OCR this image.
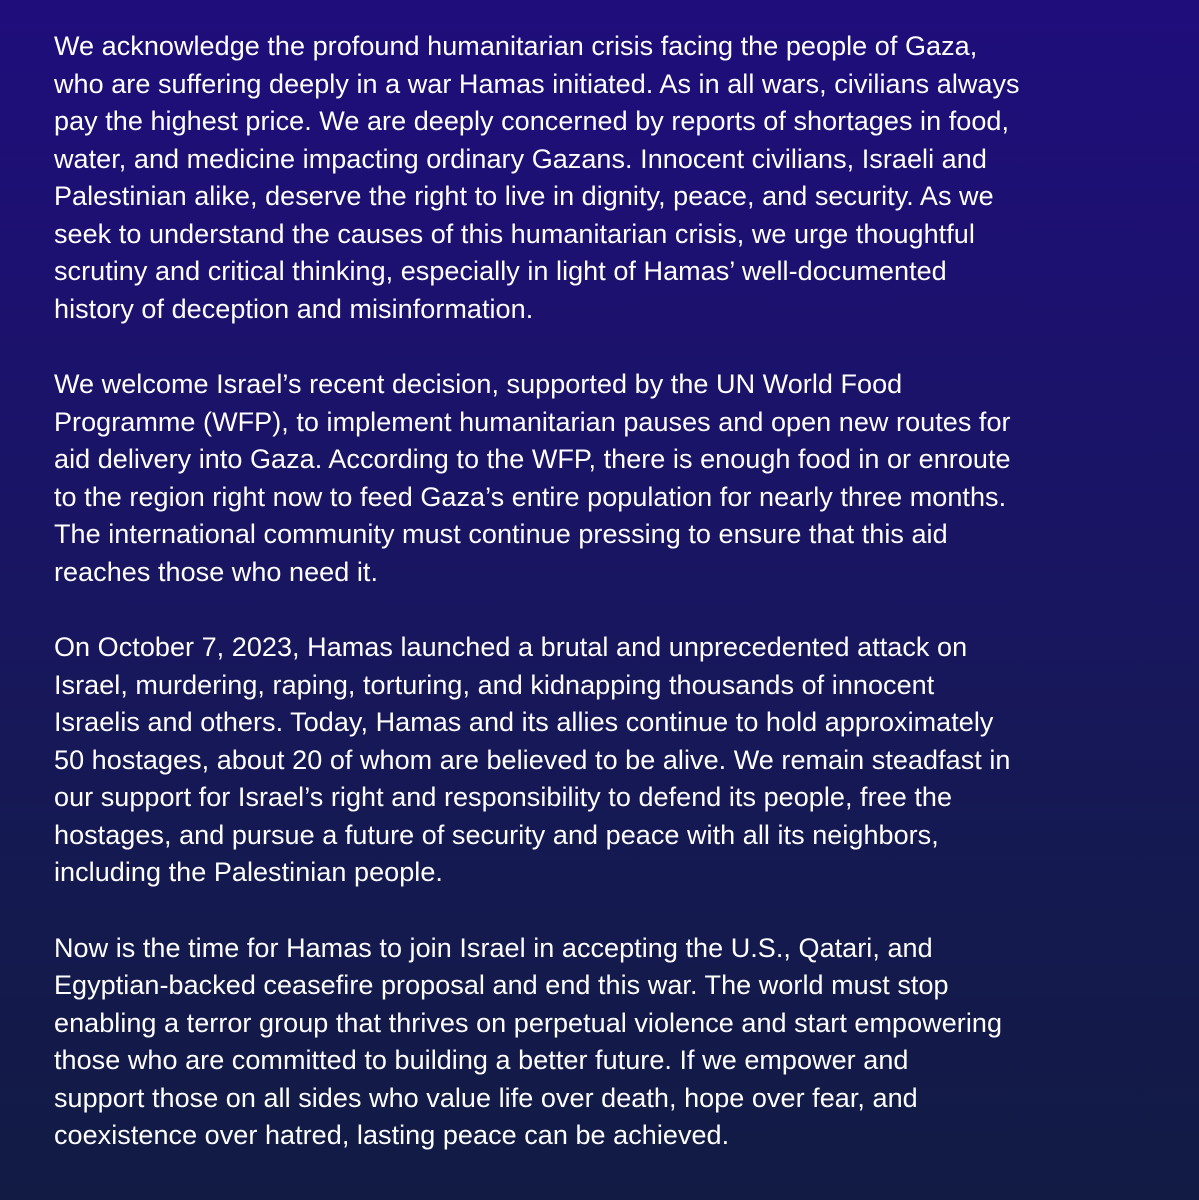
We acknowledge the profound humanitarian crisis facing the people of Gaza,
who are suffering deeply in a war Hamas initiated. As in all wars, civilians always
pay the highest price. We are deeply concerned by reports of shortages in food,
water, and medicine impacting ordinary Gazans. Innocent civilians, Israeli and
Palestinian alike, deserve the right to live in dignity, peace, and security. As we
seek to understand the causes of this humanitarian crisis, we urge thoughtful
scrutiny and critical thinking, especially in light of Hamas’ well-documented
history of deception and misinformation.

We welcome Israel’s recent decision, supported by the UN World Food
Programme (WFP), to implement humanitarian pauses and open new routes for
aid delivery into Gaza. According to the WFP, there is enough food in or enroute
to the region right now to feed Gaza’s entire population for nearly three months.
The international community must continue pressing to ensure that this aid
reaches those who need it.

On October 7, 2023, Hamas launched a brutal and unprecedented attack on
Israel, murdering, raping, torturing, and kidnapping thousands of innocent
Israelis and others. Today, Hamas and its allies continue to hold approximately
50 hostages, about 20 of whom are believed to be alive. We remain steadfast in
our support for Israel’s right and responsibility to defend its people, free the
hostages, and pursue a future of security and peace with all its neighbors,
including the Palestinian people.

Now is the time for Hamas to join Israel in accepting the U.S., Qatari, and
Egyptian-backed ceasefire proposal and end this war. The world must stop
enabling a terror group that thrives on perpetual violence and start empowering
those who are committed to building a better future. If we empower and
support those on all sides who value life over death, hope over fear, and
coexistence over hatred, lasting peace can be achieved.
